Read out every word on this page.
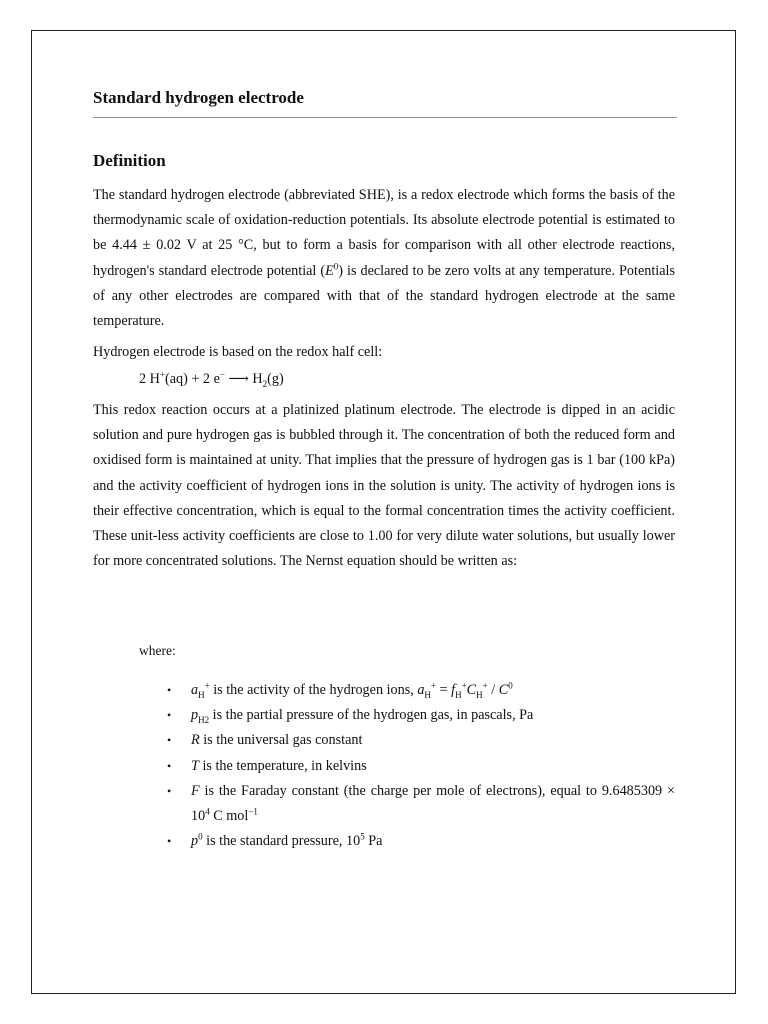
Standard hydrogen electrode
Definition

The standard hydrogen electrode (abbreviated SHE), is a redox electrode which forms the basis of the thermodynamic scale of oxidation-reduction potentials. Its absolute electrode potential is estimated to be 4.44 ± 0.02 V at 25 °C, but to form a basis for comparison with all other electrode reactions, hydrogen's standard electrode potential $(E^0)$ is declared to be zero volts at any temperature. Potentials of any other electrodes are compared with that of the standard hydrogen electrode at the same temperature.

Hydrogen electrode is based on the redox half cell:

2 H+(aq) + 2 e− ⟶ $H_2(g)$

This redox reaction occurs at a platinized platinum electrode. The electrode is dipped in an acidic solution and pure hydrogen gas is bubbled through it. The concentration of both the reduced form and oxidised form is maintained at unity. That implies that the pressure of hydrogen gas is 1 bar (100 kPa) and the activity coefficient of hydrogen ions in the solution is unity. The activity of hydrogen ions is their effective concentration, which is equal to the formal concentration times the activity coefficient. These unit-less activity coefficients are close to 1.00 for very dilute water solutions, but usually lower for more concentrated solutions. The Nernst equation should be written as:

where:

• $a_H^+$ is the activity of the hydrogen ions, $a_H^+ = f_H^+C_H^+ / C^0$
• $p_{H2}$ is the partial pressure of the hydrogen gas, in pascals, Pa
• R is the universal gas constant
• T is the temperature, in kelvins
• F is the Faraday constant (the charge per mole of electrons), equal to $9.6485309 \times 10^4$ C mol$^{-1}$
• $p^0$ is the standard pressure, $10^5$ Pa
